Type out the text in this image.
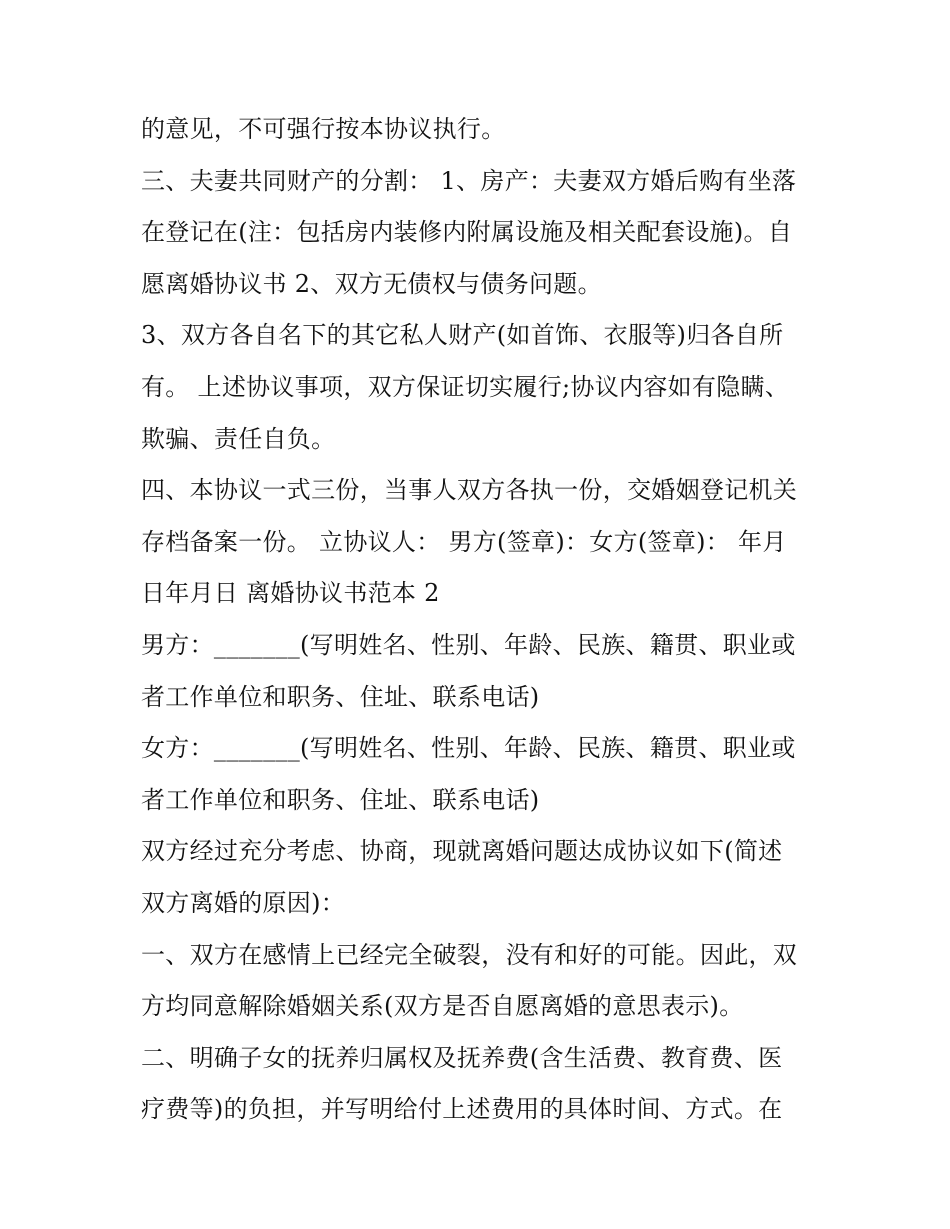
的意见，不可强行按本协议执行。
三、夫妻共同财产的分割： 1、房产：夫妻双方婚后购有坐落
在登记在(注：包括房内装修内附属设施及相关配套设施)。自
愿离婚协议书 2、双方无债权与债务问题。
3、双方各自名下的其它私人财产(如首饰、衣服等)归各自所
有。 上述协议事项，双方保证切实履行;协议内容如有隐瞒、
欺骗、责任自负。
四、本协议一式三份，当事人双方各执一份，交婚姻登记机关
存档备案一份。 立协议人： 男方(签章)：女方(签章)： 年月
日年月日 离婚协议书范本 2
男方：_______(写明姓名、性别、年龄、民族、籍贯、职业或
者工作单位和职务、住址、联系电话)
女方：_______(写明姓名、性别、年龄、民族、籍贯、职业或
者工作单位和职务、住址、联系电话)
双方经过充分考虑、协商，现就离婚问题达成协议如下(简述
双方离婚的原因)：
一、双方在感情上已经完全破裂，没有和好的可能。因此，双
方均同意解除婚姻关系(双方是否自愿离婚的意思表示)。
二、明确子女的抚养归属权及抚养费(含生活费、教育费、医
疗费等)的负担，并写明给付上述费用的具体时间、方式。在
